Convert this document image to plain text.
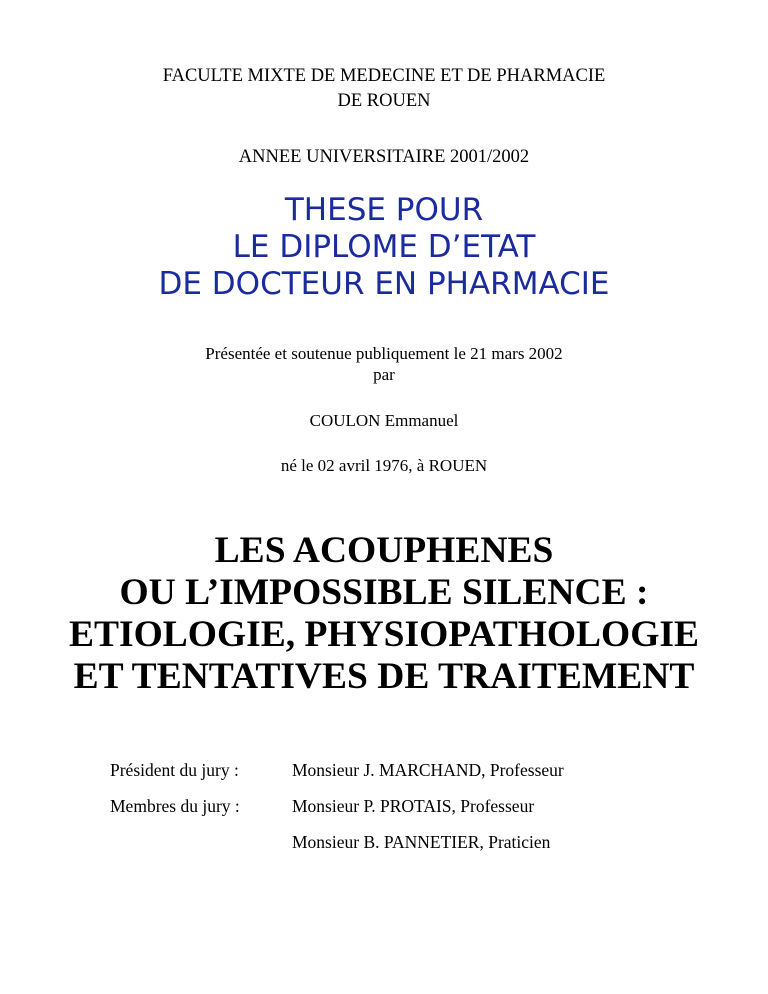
FACULTE MIXTE DE MEDECINE ET DE PHARMACIE
DE ROUEN
ANNEE UNIVERSITAIRE 2001/2002
THESE POUR
LE DIPLOME D’ETAT
DE DOCTEUR EN PHARMACIE
Présentée et soutenue publiquement le 21 mars 2002
par
COULON Emmanuel
né le 02 avril 1976, à ROUEN
LES ACOUPHENES
OU L’IMPOSSIBLE SILENCE :
ETIOLOGIE, PHYSIOPATHOLOGIE
ET TENTATIVES DE TRAITEMENT
Président du jury :	Monsieur J. MARCHAND, Professeur
Membres du jury :	Monsieur P. PROTAIS, Professeur
Monsieur B. PANNETIER, Praticien
